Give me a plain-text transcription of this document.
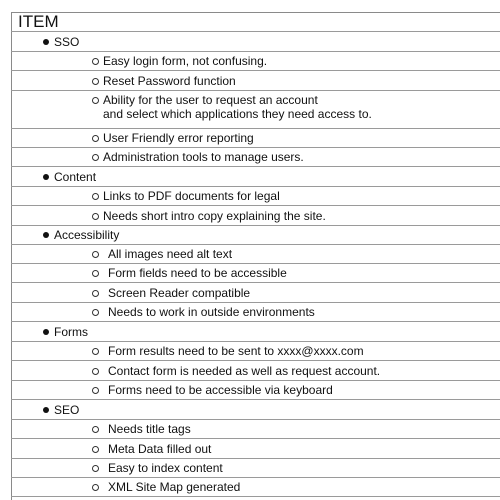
ITEM
SSO
Easy login form, not confusing.
Reset Password function
Ability for the user to request an account
and select which applications they need access to.
User Friendly error reporting
Administration tools to manage users.
Content
Links to PDF documents for legal
Needs short intro copy explaining the site.
Accessibility
All images need alt text
Form fields need to be accessible
Screen Reader compatible
Needs to work in outside environments
Forms
Form results need to be sent to xxxx@xxxx.com
Contact form is needed as well as request account.
Forms need to be accessible via keyboard
SEO
Needs title tags
Meta Data filled out
Easy to index content
XML Site Map generated
